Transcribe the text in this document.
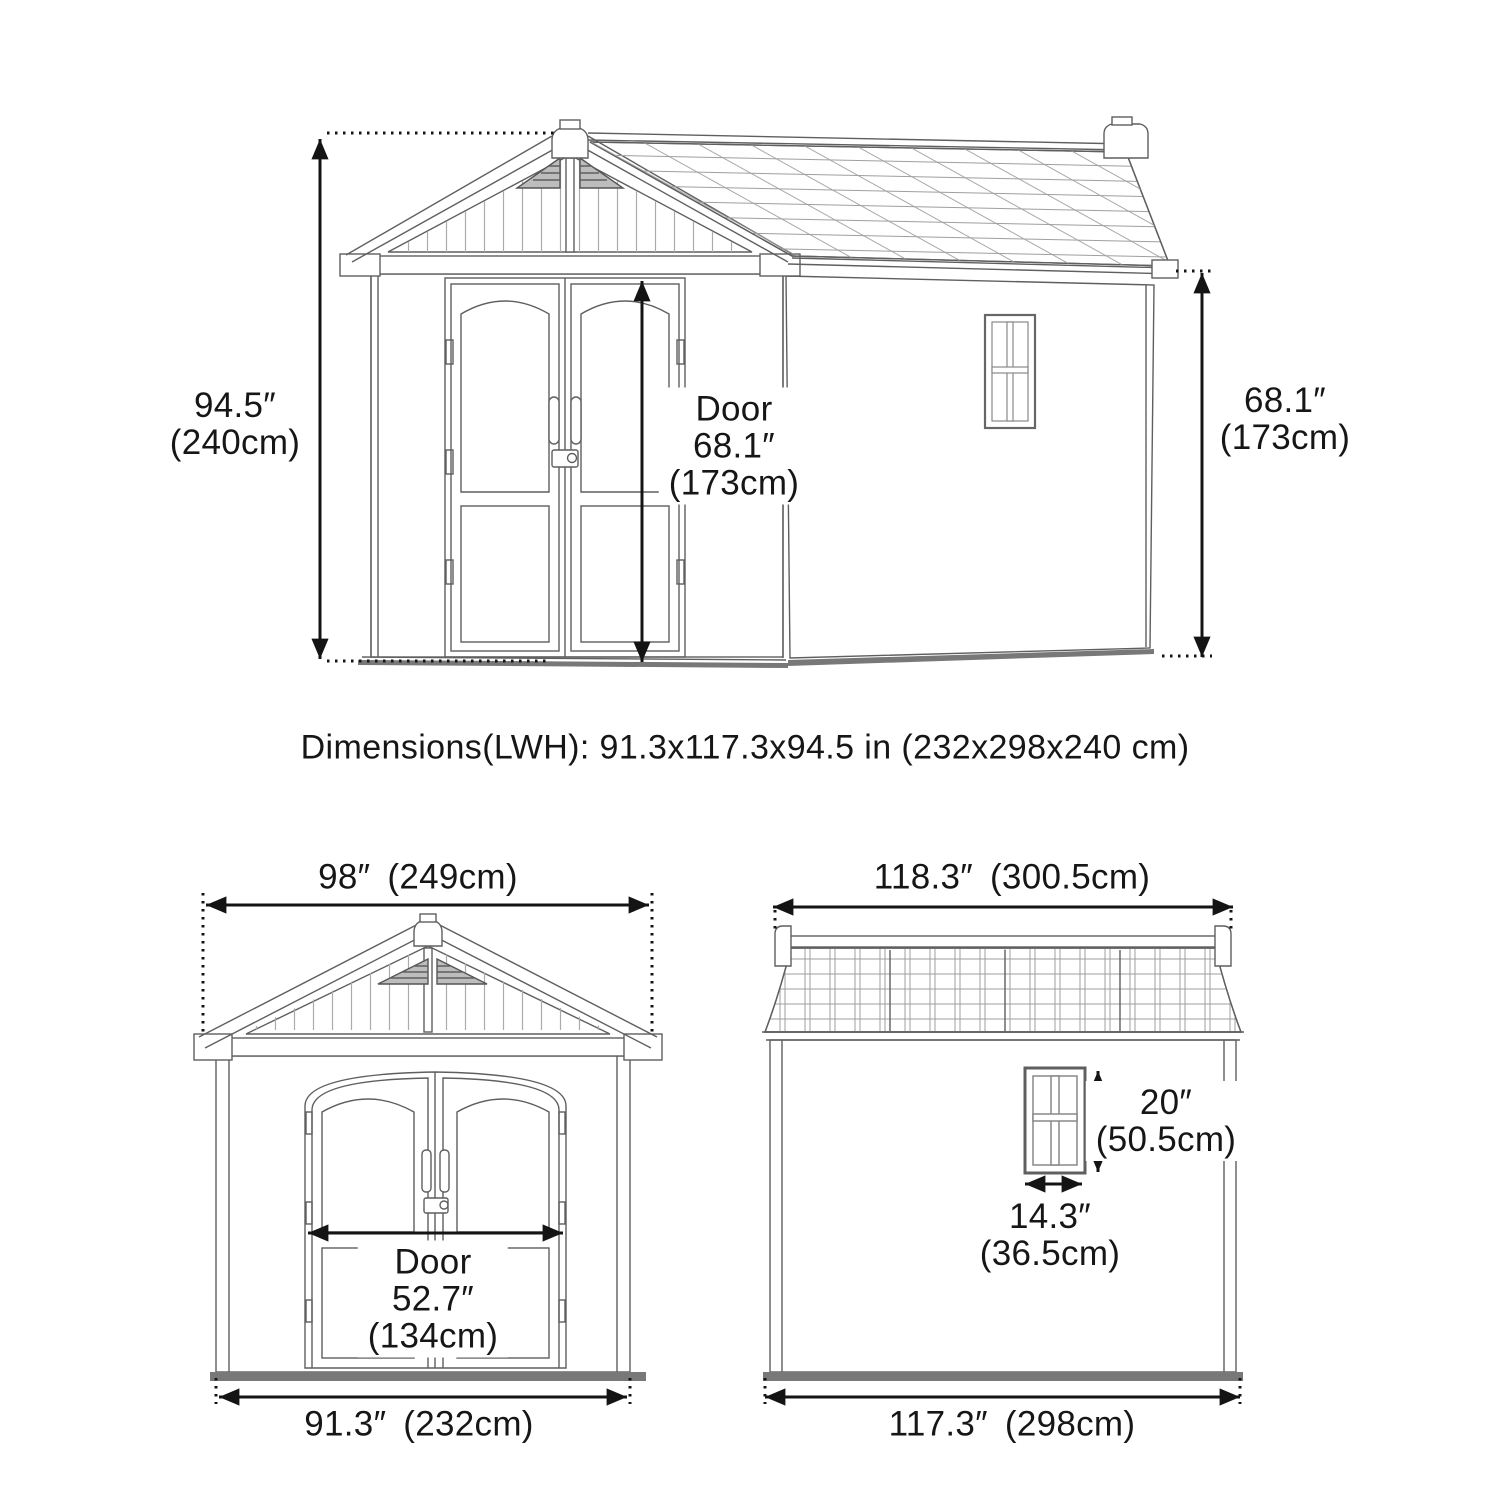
94.5″
(240cm)
Door
68.1″
(173cm)
68.1″
(173cm)
Dimensions(LWH): 91.3x117.3x94.5 in (232x298x240 cm)
98″ (249cm)
Door
52.7″
(134cm)
91.3″ (232cm)
118.3″ (300.5cm)
20″
(50.5cm)
14.3″
(36.5cm)
117.3″ (298cm)
